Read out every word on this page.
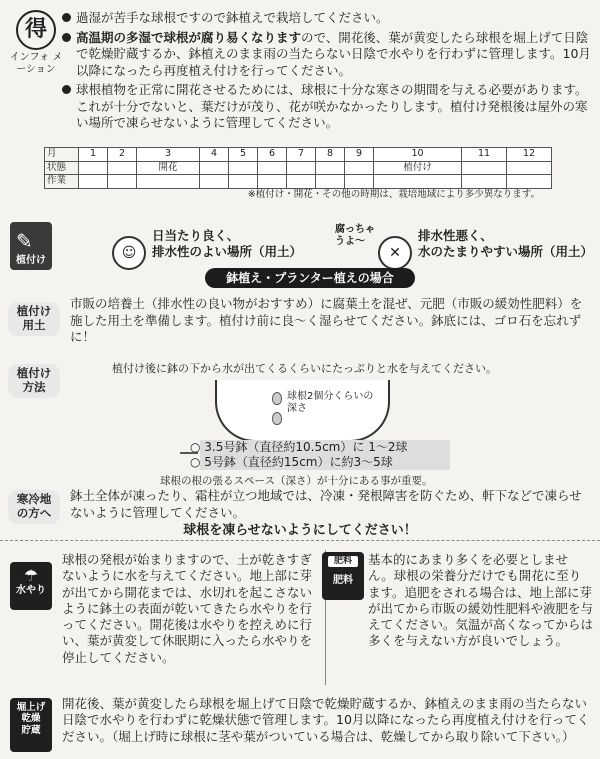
得
インフォ メーション
過湿が苦手な球根ですので鉢植えで栽培してください。
高温期の多湿で球根が腐り易くなりますので、開花後、葉が黄変したら球根を堀上げて日陰で乾燥貯蔵するか、鉢植えのまま雨の当たらない日陰で水やりを行わずに管理します。10月以降になったら再度植え付けを行ってください。
球根植物を正常に開花させるためには、球根に十分な寒さの期間を与える必要があります。これが十分でないと、葉だけが茂り、花が咲かなかったりします。植付け発根後は屋外の寒い場所で凍らせないように管理してください。
月	1	2	3	4	5	6	7	8	9	10	11	12
状態			開花							植付け		
作業												
※植付け・開花・その他の時期は、栽培地域により多少異なります。
植付け
✎	☺
日当たり良く、
排水性のよい場所（用土）
腐っちゃうよ～
✕
排水性悪く、
水のたまりやすい場所（用土）
鉢植え・プランター植えの場合
植付け
用土
市販の培養土（排水性の良い物がおすすめ）に腐葉土を混ぜ、元肥（市販の緩効性肥料）を施した用土を準備します。植付け前に良～く湿らせてください。鉢底には、ゴロ石を忘れずに！
植付け
方法
植付け後に鉢の下から水が出てくるくらいにたっぷりと水を与えてください。
球根2個分くらいの深さ
○ 3.5号鉢（直径約10.5cm）に 1～2球
○ 5号鉢（直径約15cm）に約3～5球
球根の根の張るスペース（深さ）が十分にある事が重要。
寒冷地
の方へ
鉢土全体が凍ったり、霜柱が立つ地域では、冷凍・発根障害を防ぐため、軒下などで凍らせないように管理してください。
球根を凍らせないようにしてください！
☂
水やり
球根の発根が始まりますので、土が乾きすぎないように水を与えてください。地上部に芽が出てから開花までは、水切れを起こさないように鉢土の表面が乾いてきたら水やりを行ってください。開花後は水やりを控えめに行い、葉が黄変して休眠期に入ったら水やりを停止してください。
肥料
肥料
基本的にあまり多くを必要としません。球根の栄養分だけでも開花に至ります。追肥をされる場合は、地上部に芽が出てから市販の緩効性肥料や液肥を与えてください。気温が高くなってからは多くを与えない方が良いでしょう。
堀上げ
乾燥
貯蔵
開花後、葉が黄変したら球根を堀上げて日陰で乾燥貯蔵するか、鉢植えのまま雨の当たらない日陰で水やりを行わずに乾燥状態で管理します。10月以降になったら再度植え付けを行ってください。（堀上げ時に球根に茎や葉がついている場合は、乾燥してから取り除いて下さい。）
